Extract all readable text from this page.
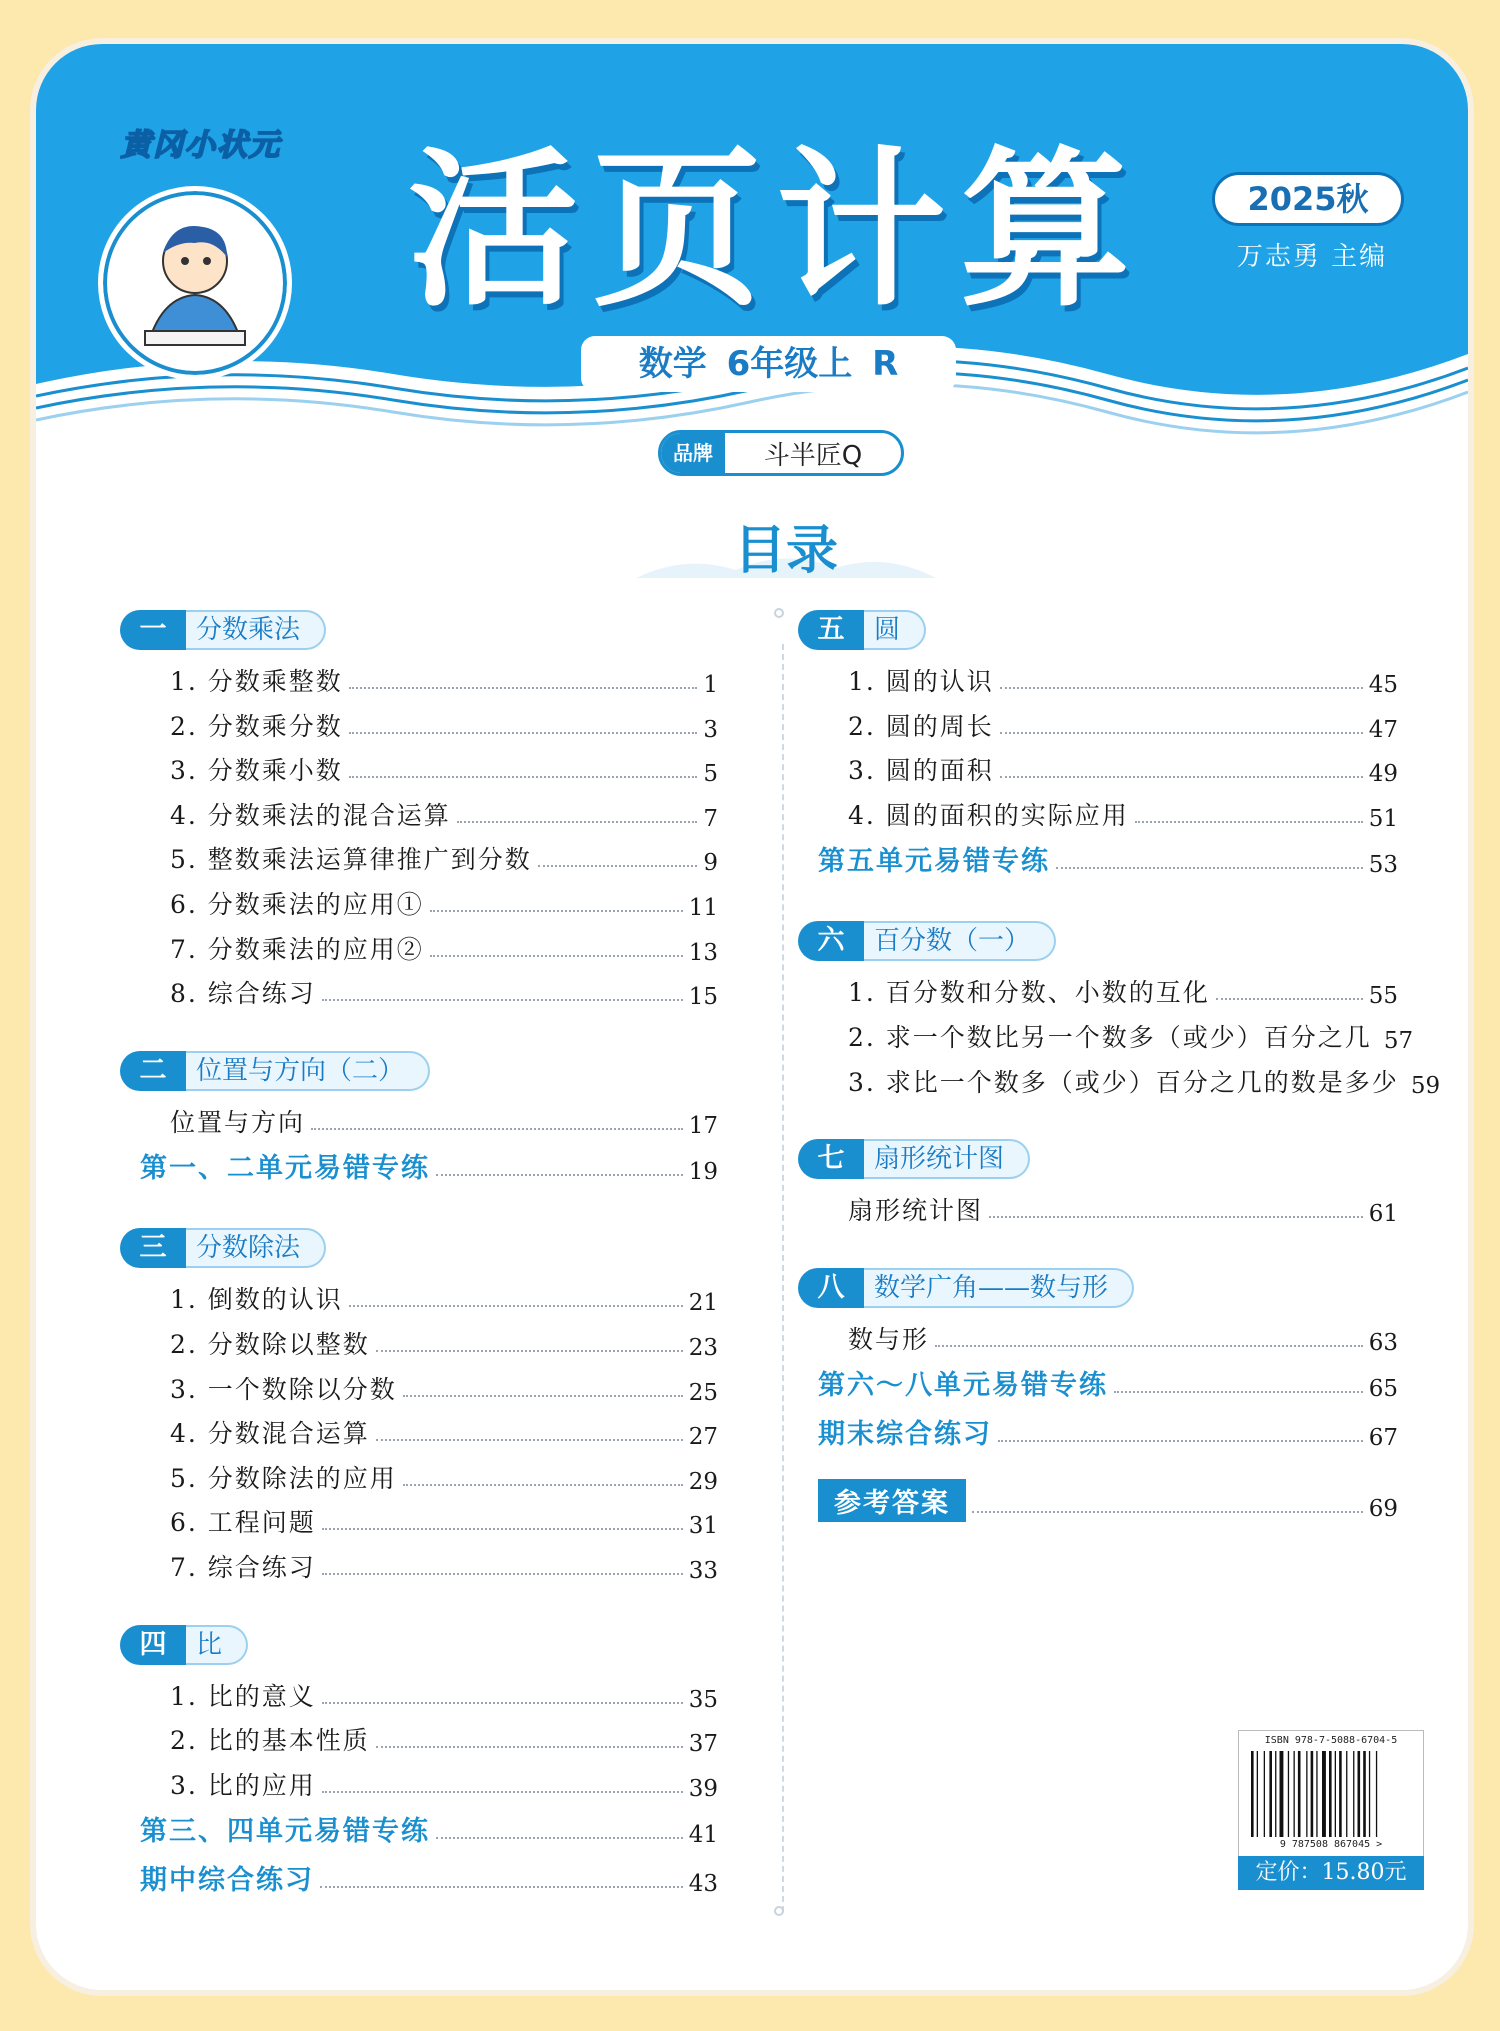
黄冈小状元 活页计算
数学 6年级上 R
2025秋
万志勇 主编
品牌	斗半匠Q
目录
一	分数乘法
1. 分数乘整数	1
2. 分数乘分数	3
3. 分数乘小数	5
4. 分数乘法的混合运算	7
5. 整数乘法运算律推广到分数	9
6. 分数乘法的应用①	11
7. 分数乘法的应用②	13
8. 综合练习	15
二	位置与方向（二）
位置与方向	17
第一、二单元易错专练	19
三	分数除法
1. 倒数的认识	21
2. 分数除以整数	23
3. 一个数除以分数	25
4. 分数混合运算	27
5. 分数除法的应用	29
6. 工程问题	31
7. 综合练习	33
四	比
1. 比的意义	35
2. 比的基本性质	37
3. 比的应用	39
第三、四单元易错专练	41
期中综合练习	43
五	圆
1. 圆的认识	45
2. 圆的周长	47
3. 圆的面积	49
4. 圆的面积的实际应用	51
第五单元易错专练	53
六	百分数（一）
1. 百分数和分数、小数的互化	55
2. 求一个数比另一个数多（或少）百分之几 57
3. 求比一个数多（或少）百分之几的数是多少 59
七	扇形统计图
扇形统计图	61
八	数学广角——数与形
数与形	63
第六～八单元易错专练	65
期末综合练习	67
参考答案	69
ISBN 978-7-5088-6704-5
9 787508 867045 >
定价：15.80元
